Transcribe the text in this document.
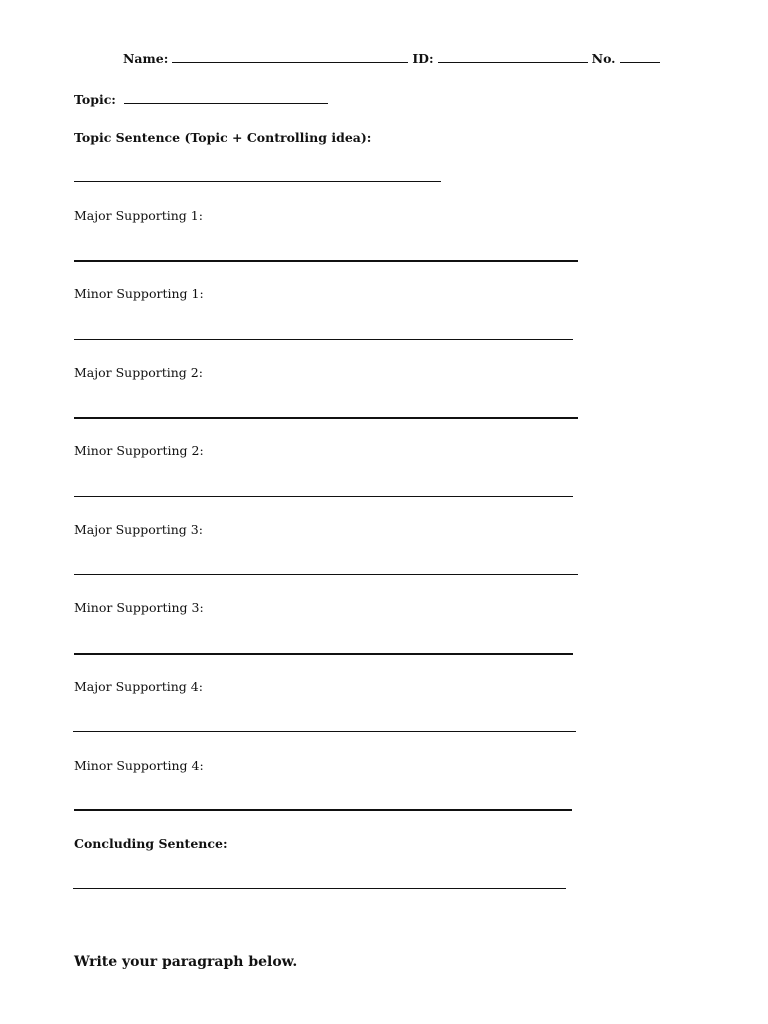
Name:	ID:	No.
Topic:
Topic Sentence (Topic + Controlling idea):
Major Supporting 1:
Minor Supporting 1:
Major Supporting 2:
Minor Supporting 2:
Major Supporting 3:
Minor Supporting 3:
Major Supporting 4:
Minor Supporting 4:
Concluding Sentence:
Write your paragraph below.
